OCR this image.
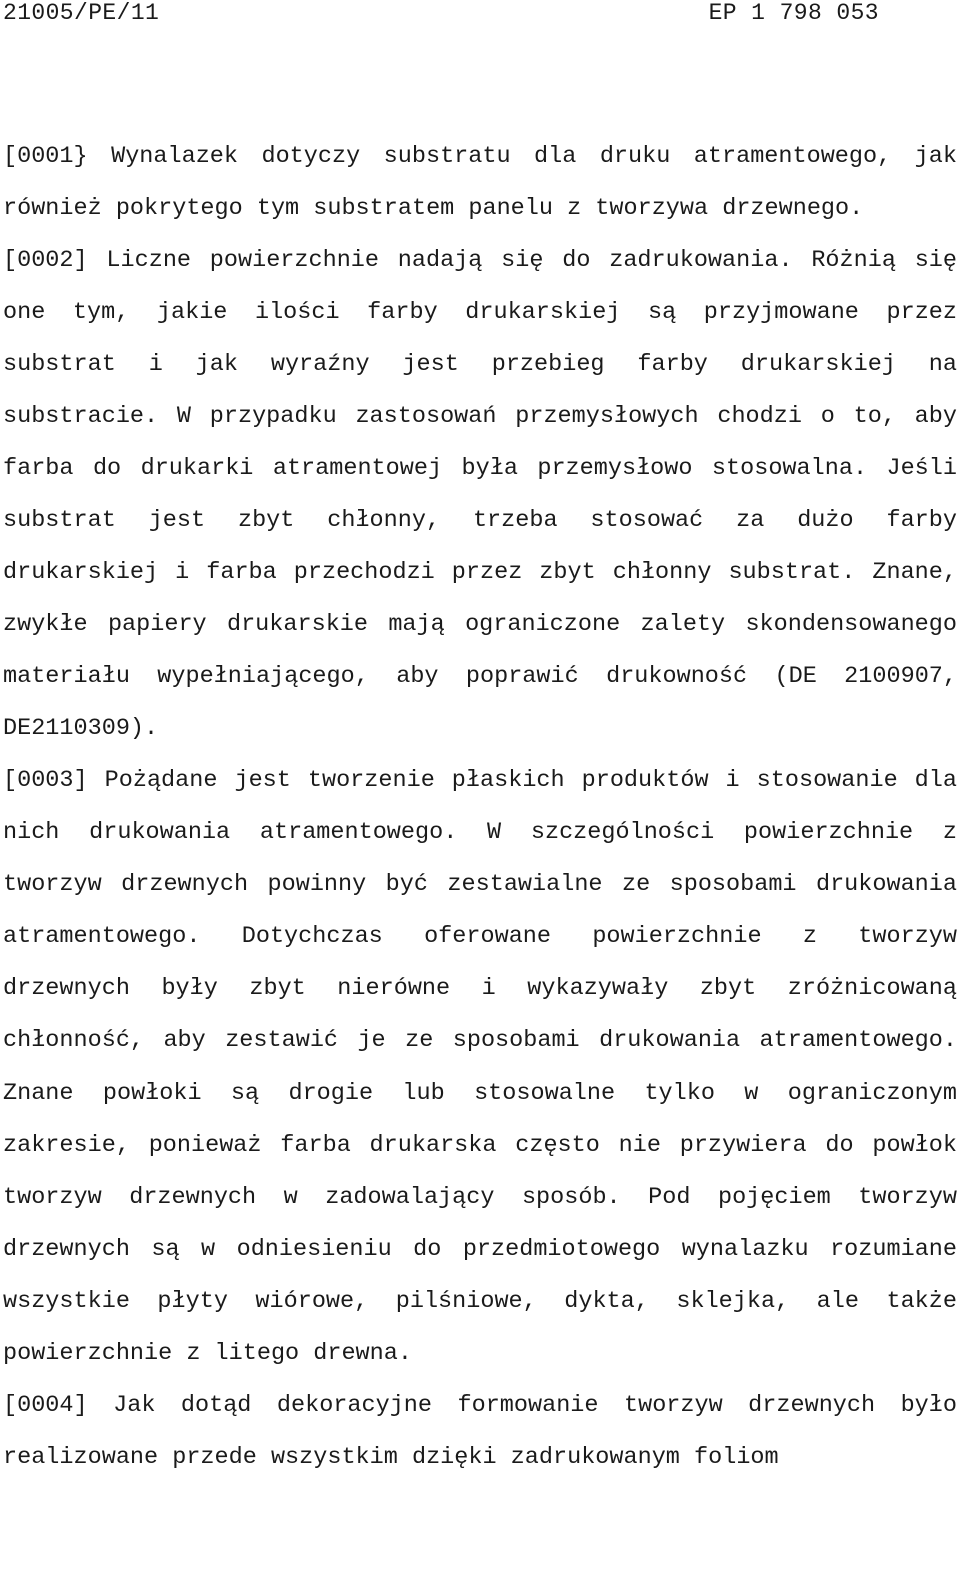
21005/PE/11	EP 1 798 053

[0001} Wynalazek dotyczy substratu dla druku atramentowego, jak również pokrytego tym substratem panelu z tworzywa drzewnego.

[0002] Liczne powierzchnie nadają się do zadrukowania. Różnią się one tym, jakie ilości farby drukarskiej są przyjmowane przez substrat i jak wyraźny jest przebieg farby drukarskiej na substracie. W przypadku zastosowań przemysłowych chodzi o to, aby farba do drukarki atramentowej była przemysłowo stosowalna. Jeśli substrat jest zbyt chłonny, trzeba stosować za dużo farby drukarskiej i farba przechodzi przez zbyt chłonny substrat. Znane, zwykłe papiery drukarskie mają ograniczone zalety skondensowanego materiału wypełniającego, aby poprawić drukowność (DE 2100907, DE2110309).

[0003] Pożądane jest tworzenie płaskich produktów i stosowanie dla nich drukowania atramentowego. W szczególności powierzchnie z tworzyw drzewnych powinny być zestawialne ze sposobami drukowania atramentowego. Dotychczas oferowane powierzchnie z tworzyw drzewnych były zbyt nierówne i wykazywały zbyt zróżnicowaną chłonność, aby zestawić je ze sposobami drukowania atramentowego. Znane powłoki są drogie lub stosowalne tylko w ograniczonym zakresie, ponieważ farba drukarska często nie przywiera do powłok tworzyw drzewnych w zadowalający sposób. Pod pojęciem tworzyw drzewnych są w odniesieniu do przedmiotowego wynalazku rozumiane wszystkie płyty wiórowe, pilśniowe, dykta, sklejka, ale także powierzchnie z litego drewna.

[0004] Jak dotąd dekoracyjne formowanie tworzyw drzewnych było realizowane przede wszystkim dzięki zadrukowanym foliom
